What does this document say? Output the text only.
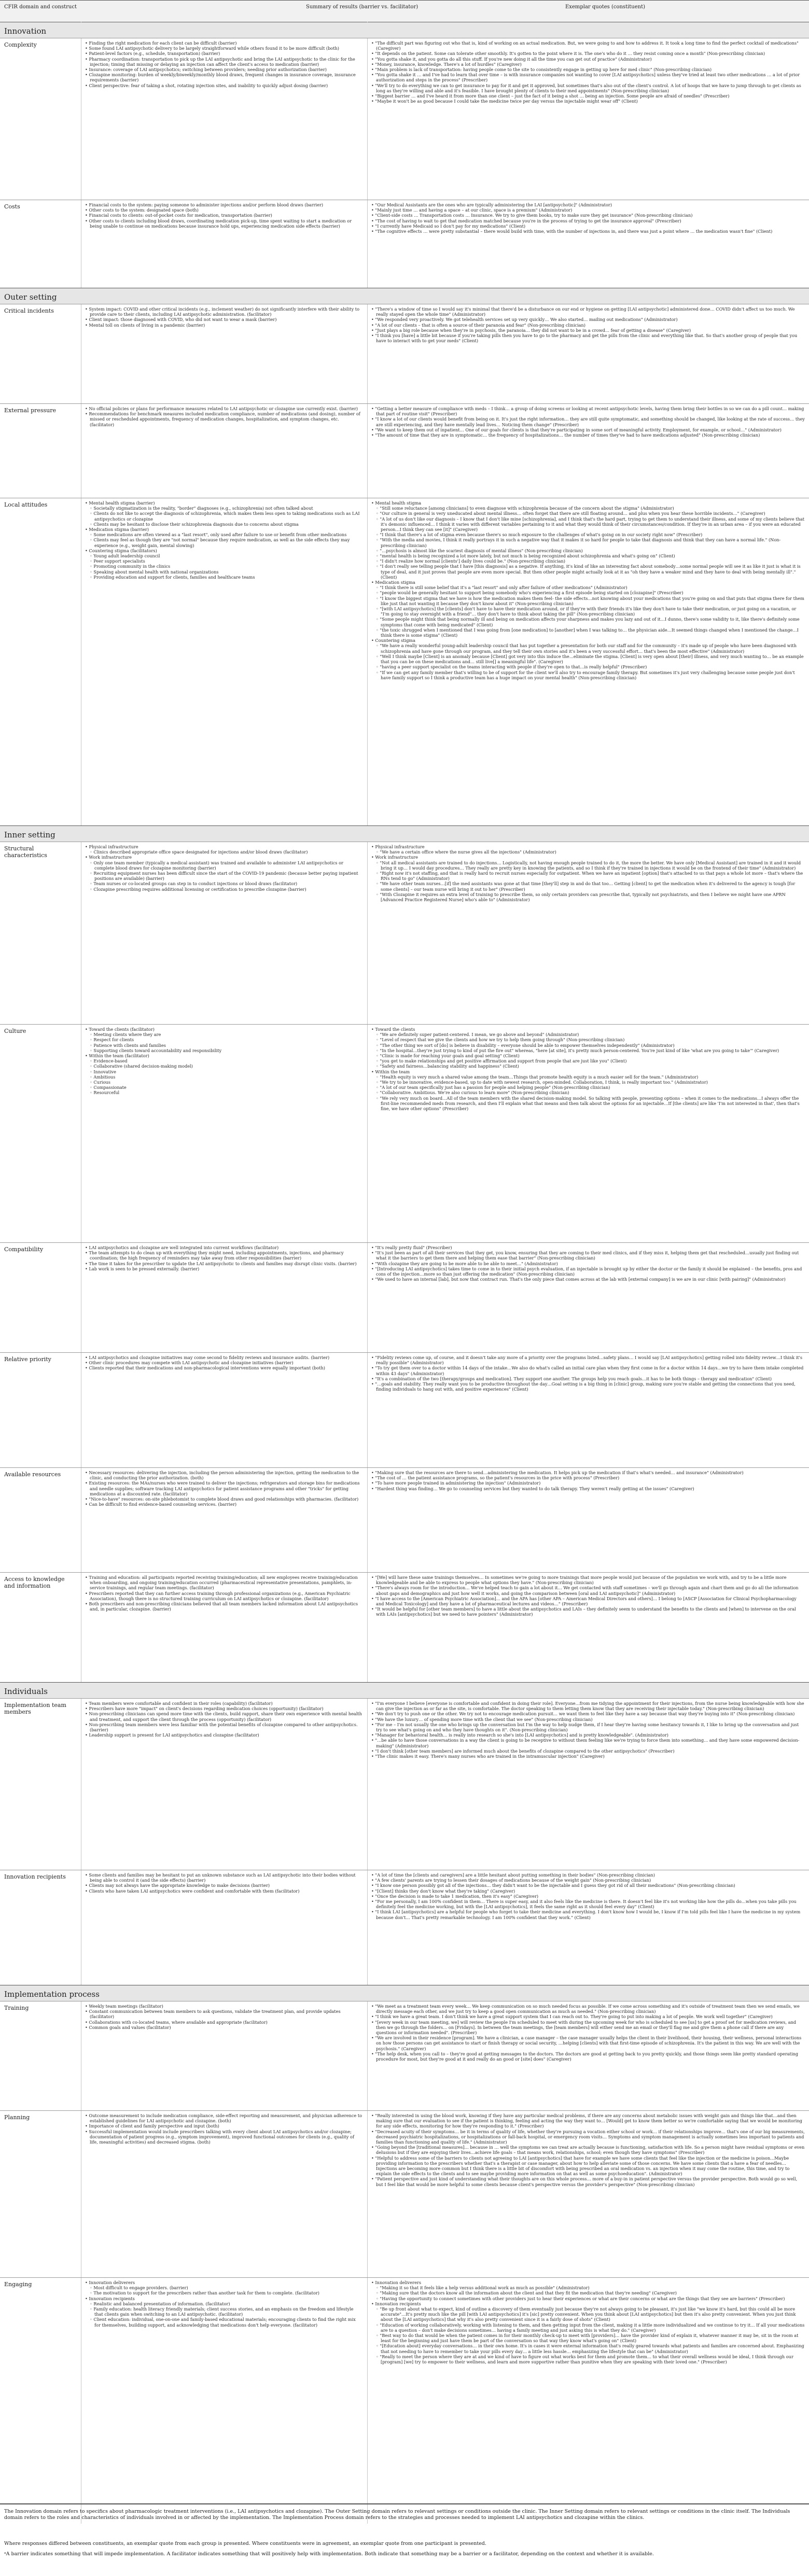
CFIR domain and construct	Summary of results (barrier vs. facilitator)	Exemplar quotes (constituent)
Innovation
Complexity	• Finding the right medication for each client can be difficult (barrier)
• Some found LAI antipsychotic delivery to be largely straightforward while others found it to be more difficult (both)
• Patient-level factors (e.g., schedule, transportation) (barrier)
• Pharmacy coordination: transportation to pick up the LAI antipsychotic and bring the LAI antipsychotic to the clinic for the injection; timing that missing or delaying an injection can affect the client's access to medication (barrier)
• Insurance: coverage of LAI antipsychotics; switching between providers; needing prior authorization (barrier)
• Clozapine monitoring: burden of weekly/biweekly/monthly blood draws, frequent changes in insurance coverage, insurance requirements (barrier)
• Client perspective: fear of taking a shot, rotating injection sites, and inability to quickly adjust dosing (barrier)
• "The difficult part was figuring out who that is, kind of working on an actual medication. But, we were going to and how to address it. It took a long time to find the perfect cocktail of medications" (Caregiver)
• "It depends on the patient. Some can tolerate other smoothly. It's gotten to the point where it is. The one's who do it … they resist coming once a month" (Non-prescribing clinician)
• "You gotta shake it, and you gotta do all this stuff. If you're new doing it all the time you can get out of practice" (Administrator)
• "Money, insurance, knowledge. There's a lot of hurdles" (Caregiver)
• "Main problem is lack of transportation: having people come to the site to consistently engage in getting up here for med clinic" (Non-prescribing clinician)
• "You gotta shake it … and I've had to learn that over time – is with insurance companies not wanting to cover [LAI antipsychotics] unless they've tried at least two other medications … a lot of prior authorization and steps in the process" (Prescriber)
• "We'll try to do everything we can to get insurance to pay for it and get it approved, but sometimes that's also out of the client's control. A lot of hoops that we have to jump through to get clients as long as they're willing and able and it's feasible. I have brought plenty of clients to their med appointments" (Non-prescribing clinician)
• "Biggest barrier … and I've heard it from more than one client – just the fact of it being a shot … being an injection. Some people are afraid of needles" (Prescriber)
• "Maybe it won't be as good because I could take the medicine twice per day versus the injectable might wear off" (Client)
Costs	• Financial costs to the system: paying someone to administer injections and/or perform blood draws (barrier)
• Other costs to the system: designated space (both)
• Financial costs to clients: out-of-pocket costs for medication, transportation (barrier)
• Other costs to clients including blood draws, coordinating medication pick-up, time spent waiting to start a medication or being unable to continue on medications because insurance hold ups, experiencing medication side effects (barrier)
• "Our Medical Assistants are the ones who are typically administering the LAI [antipsychotic]" (Administrator)
• "Mainly just time … and having a space – at our clinic, space is a premium" (Administrator)
• "Client-side costs … Transportation costs … Insurance. We try to give them books, try to make sure they get insurance" (Non-prescribing clinician)
• "The cost of having to wait to get that medication matched because you're in the process of trying to get the insurance approval" (Prescriber)
• "I currently have Medicaid so I don't pay for my medications" (Client)
• "The cognitive effects … were pretty substantial – there would build with time, with the number of injections in, and there was just a point where … the medication wasn't fine" (Client)
Outer setting
Critical incidents	• System impact: COVID and other critical incidents (e.g., inclement weather) do not significantly interfere with their ability to provide care to their clients, including LAI antipsychotic administration. (facilitator)
• Client impact: those diagnosed with COVID, who did not want to wear a mask (barrier)
• Mental toll on clients of living in a pandemic (barrier)
• "There's a window of time so I would say it's minimal that there'd be a disturbance on our end or hygiene on getting [LAI antipsychotic] administered done… COVID didn't affect us too much. We really stayed open the whole time" (Administrator)
• "We responded very proactively. We got telehealth services set up very quickly… We also started… mailing out medications" (Administrator)
• "A lot of our clients – that is often a source of their paranoia and fear" (Non-prescribing clinician)
• "Just plays a big role because when they're in psychosis, the paranoia… they did not want to be in a crowd… fear of getting a disease" (Caregiver)
• "I think you [have] a little bit because if you're taking pills then you have to go to the pharmacy and get the pills from the clinic and everything like that. So that's another group of people that you have to interact with to get your meds" (Client)
External pressure	• No official policies or plans for performance measures related to LAI antipsychotic or clozapine use currently exist. (barrier)
• Recommendations for benchmark measures included medication compliance, number of medications (and dosing), number of missed or rescheduled appointments, frequency of medication changes, hospitalization, and symptom changes, etc. (facilitator)
• "Getting a better measure of compliance with meds – I think… a group of doing screens or looking at recent antipsychotic levels, having them bring their bottles in so we can do a pill count… making that part of routine visit" (Prescriber)
• "I know a lot of our clients would benefit from being on it. It's just the right information… they are still quite symptomatic, and something should be changed, like looking at the rate of success… they are still experiencing, and they have mentally lead lives… Noticing them change" (Prescriber)
• "We want to keep them out of inpatient… One of our goals for clients is that they're participating in some sort of meaningful activity. Employment, for example, or school…" (Administrator)
• "The amount of time that they are in symptomatic… the frequency of hospitalizations… the number of times they've had to have medications adjusted" (Non-prescribing clinician)
Local attitudes	• Mental health stigma (barrier)
◦ Societally stigmatization is the reality, "border" diagnoses (e.g., schizophrenia) not often talked about
◦ Clients do not like to accept the diagnosis of schizophrenia, which makes them less open to taking medications such as LAI antipsychotics or clozapine
◦ Clients may be hesitant to disclose their schizophrenia diagnosis due to concerns about stigma
• Medication stigma (barrier)
◦ Some medications are often viewed as a "last resort", only used after failure to use or benefit from other medications
◦ Clients may feel as though they are "not normal" because they require medication, as well as the side effects they may experience (e.g., weight gain, mental slowing)
• Countering stigma (facilitators)
◦ Young adult leadership council
◦ Peer support specialists
◦ Promoting community in the clinics
◦ Speaking about mental health with national organizations
◦ Providing education and support for clients, families and healthcare teams
• Mental health stigma
◦ "Still some reluctance [among clinicians] to even diagnose with schizophrenia because of the concern about the stigma" (Administrator)
◦ "Our culture in general is very uneducated about mental illness… often forget that there are still floating around… and plus when you hear these horrible incidents…" (Caregiver)
◦ "A lot of us don't like our diagnosis – I know that I don't like mine [schizophrenia], and I think that's the hard part, trying to get them to understand their illness, and some of my clients believe that it's demonic influenced… I think it varies with different variables pertaining to it and what they would think of their circumstances/condition. If they're in an urban area – if you were an educated person…I think they can see [it]" (Caregiver)
◦ "I think that there's a lot of stigma even because there's so much exposure to the challenges of what's going on in our society right now" (Prescriber)
◦ "With the media and movies, I think it really portrays it in such a negative way that it makes it so hard for people to take that diagnosis and think that they can have a normal life." (Non-prescribing clinician)
◦ "…psychosis is almost like the scariest diagnosis of mental illness" (Non-prescribing clinician)
◦ "mental health is being recognized a lot more lately, but not much is being recognized about schizophrenia and what's going on" (Client)
◦ "I didn't realize how normal [clients'] daily lives could be." (Non-prescribing clinician)
◦ "I don't really see telling people that I have [this diagnosis] as a negative. If anything, it's kind of like an interesting fact about somebody…some normal people will see it as like it just is what it is type of deal, and it just proves that people are even more special. But then other people might actually look at it as "oh they have a weaker mind and they have to deal with being mentally ill"." (Client)
• Medication stigma
◦ "I think there is still some belief that it's a "last resort" and only after failure of other medications" (Administrator)
◦ "people would be generally hesitant to support being somebody who's experiencing a first episode being started on [clozapine]" (Prescriber)
◦ "I know the biggest stigma that we have is how the medication makes them feel- the side effects…not knowing about your medications that you're going on and that puts that stigma there for them like just that not wanting it because they don't know about it" (Non-prescribing clinician)
◦ "[with LAI antipsychotics] the [clients] don't have to have their medication around, or if they're with their friends it's like they don't have to take their medication, or just going on a vacation, or "I'm going to stay overnight with a friend"… they don't have to think about taking the pill" (Non-prescribing clinician)
◦ "Some people might think that being normally ill and being on medication affects your sharpness and makes you lazy and out of it…I dunno, there's some validity to it, like there's definitely some symptoms that come with being medicated" (Client)
◦ "the toxic shrugged when I mentioned that I was going from [one medication] to [another] when I was talking to… the physician aide…It seemed things changed when I mentioned the change…I think there is some stigma" (Client)
• Countering stigma
◦ "We have a really wonderful young-adult leadership council that has put together a presentation for both our staff and for the community – it's made up of people who have been diagnosed with schizophrenia and have gone through our program, and they tell their own stories and it's been a very successful effort… that's been the most effective" (Administrator)
◦ "Well I think maybe [Client] is an anomaly because [Client] got very into this induce the…eliminate the stigma. [Client] is very open about [their] illness, and very much wanting to… be an example that you can be on these medications and… still live[] a meaningful life". (Caregiver)
◦ "having a peer support specialist on the teams interacting with people if they're open to that…is really helpful" (Prescriber)
◦ "If we can get any family member that's willing to be of support for the client we'll also try to encourage family therapy. But sometimes it's just very challenging because some people just don't have family support so I think a productive team has a huge impact on your mental health" (Non-prescribing clinician)
Inner setting
Structural characteristics
• Physical infrastructure
◦ Clinics described appropriate office space designated for injections and/or blood draws (facilitator)
• Work infrastructure
◦ Only one team member (typically a medical assistant) was trained and available to administer LAI antipsychotics or complete blood draws for clozapine monitoring (barrier)
◦ Recruiting equipment nurses has been difficult since the start of the COVID-19 pandemic (because better paying inpatient positions are available) (barrier)
◦ Team nurses or co-located groups can step in to conduct injections or blood draws (facilitator)
◦ Clozapine prescribing requires additional licensing or certification to prescribe clozapine (barrier)
• Physical infrastructure
◦ "We have a certain office where the nurse gives all the injections" (Administrator)
• Work infrastructure
◦ "Not all medical assistants are trained to do injections… Logistically, not having enough people trained to do it, the more the better. We have only [Medical Assistant] are trained in it and it would bring it up… I would day procedures… They really are pretty key in knowing the patients, and so I think if they're trained in injections it would be on the frontend of their time" (Administrator)
◦ "Right now it's not staffing, and that is really hard to recruit nurses especially for outpatient. When we have an inpatient [option] that's attached to us that pays a whole lot more – that's where the RNs tend to go" (Administrator)
◦ "We have other team nurses…[if] the med assistants was gone at that time [they'll] step in and do that too… Getting [client] to get the medication when it's delivered to the agency is tough [for some clients] – our team nurse will bring it out to her" (Prescriber)
◦ "With Clozapine it requires an extra level of training to prescribe them, so only certain providers can prescribe that, typically not psychiatrists, and then I believe we might have one APRN [Advanced Practice Registered Nurse] who's able to" (Administrator)
Culture	• Toward the clients (facilitator)
◦ Meeting clients where they are
◦ Respect for clients
◦ Patience with clients and families
◦ Supporting clients toward accountability and responsibility
• Within the team (facilitator)
◦ Evidence-based
◦ Collaborative (shared decision-making model)
◦ Innovative
◦ Ambitious
◦ Curious
◦ Compassionate
◦ Resourceful
• Toward the clients
◦ "We are definitely super patient-centered. I mean, we go above and beyond" (Administrator)
◦ "Level of respect that we give the clients and how we try to help them going through" (Non-prescribing clinician)
◦ "The other thing we sort of [do] is believe in disability – everyone should be able to empower themselves independently" (Administrator)
◦ "In the hospital…they're just trying to kind of put the fire out" whereas, "here [at site], it's pretty much person-centered. You're just kind of like 'what are you going to take'" (Caregiver)
◦ "Clinic is made for reaching your goals and goal setting" (Client)
◦ "you get to make relationships and get positive affirmation and support from people that are just like you" (Client)
◦ "Safety and fairness…balancing stability and happiness" (Client)
• Within the team
◦ "Health equity is very much a shared value among the team…Things that promote health equity is a much easier sell for the team." (Administrator)
◦ "We try to be innovative, evidence-based, up to date with newest research, open-minded. Collaboration, I think, is really important too." (Administrator)
◦ "A lot of our team specifically just has a passion for people and helping people" (Non-prescribing clinician)
◦ "Collaborative. Ambitious. We're also curious to learn more" (Non-prescribing clinician)
◦ "We rely very much on board…All of the team members with the shared decision-making model. So talking with people, presenting options – when it comes to the medications…I always offer the first-line recommended meds from research, and then I'll explain what that means and then talk about the options for an injectable…If [the clients] are like 'I'm not interested in that', then that's fine, we have other options" (Prescriber)
Compatibility	• LAI antipsychotics and clozapine are well integrated into current workflows (facilitator)
• The team attempts to do clean up with everything they might need, including appointments, injections, and pharmacy coordination; the high frequency of reminders may take away from other responsibilities (barrier)
• The time it takes for the prescriber to update the LAI antipsychotic to clients and families may disrupt clinic visits. (barrier)
• Lab work is seen to be pressed externally. (barrier)
• "It's really pretty fluid" (Prescriber)
• "It's just been as part of all their services that they get, you know, ensuring that they are coming to their med clinics, and if they miss it, helping them get that rescheduled…usually just finding out what it the barriers to get them there and helping them ease that barrier" (Non-prescribing clinician)
• "With clozapine they are going to be more able to be able to meet…" (Administrator)
• "[Introducing LAI antipsychotics] takes time to come in to their initial psych evaluation, if an injectable is brought up by either the doctor or the family it should be explained – the benefits, pros and cons of the injection…more so than just offering the medication" (Non-prescribing clinician)
• "We used to have an internal [lab], but now that contract run. That's the only piece that comes across at the lab with [external company] is we are in our clinic [with pairing]" (Administrator)
Relative priority	• LAI antipsychotics and clozapine initiatives may come second to fidelity reviews and insurance audits. (barrier)
• Other clinic procedures may compete with LAI antipsychotic and clozapine initiatives (barrier)
• Clients reported that their medications and non-pharmacological interventions were equally important (both)
• "Fidelity reviews come up, of course, and it doesn't take any more of a priority over the programs listed…safety plans… I would say [LAI antipsychotics] getting rolled into fidelity review…I think it's really possible" (Administrator)
• "To try get them over to a doctor within 14 days of the intake…We also do what's called an initial care plan when they first come in for a doctor within 14 days…we try to have them intake completed within 43 days" (Administrator)
• "It's a combination of the two [therapy/groups and medication]. They support one another. The groups help you reach goals…it has to be both things – therapy and medication" (Client)
• "…goals and stability. They really want you to be productive throughout the day…Goal setting is a big thing in [clinic] group, making sure you're stable and getting the connections that you need, finding individuals to hang out with, and positive experiences" (Client)
Available resources	• Necessary resources: delivering the injection, including the person administering the injection, getting the medication to the clinic, and conducting the prior authorization. (both)
• Existing resources: the MAs/nurses who were trained to deliver the injections; refrigerators and storage bins for medications and needle supplies; software tracking LAI antipsychotics for patient assistance programs and other "tricks" for getting medications at a discounted rate. (facilitator)
• "Nice-to-have" resources: on-site phlebotomist to complete blood draws and good relationships with pharmacies. (facilitator)
• Can be difficult to find evidence-based counseling services. (barrier)
• "Making sure that the resources are there to send…administering the medication. It helps pick up the medication if that's what's needed… and insurance" (Administrator)
• "The cost of … the patient assistance programs, so the patient's resources in the price with process" (Prescriber)
• "To have more people trained in administering the injection" (Administrator)
• "Hardest thing was finding… We go to counseling services but they wanted to do talk therapy. They weren't really getting at the issues" (Caregiver)
Access to knowledge and information
• Training and education: all participants reported receiving training/education; all new employees receive training/education when onboarding, and ongoing training/education occurred (pharmaceutical representative presentations, pamphlets, in-service trainings, and regular team meetings. (facilitator)
• Prescribers reported that they can further access training through professional organizations (e.g., American Psychiatric Association), though there is no structured training curriculum on LAI antipsychotics or clozapine. (facilitator)
• Both prescribers and non-prescribing clinicians believed that all team members lacked information about LAI antipsychotics and, in particular, clozapine. (barrier)
• "[We] will have these same trainings themselves… In sometimes we're going to more trainings that more people would just because of the population we work with, and try to be a little more knowledgeable and be able to express to people what options they have." (Non-prescribing clinician)
• "There's always room for the introduction… We've helped teach to gain a lot about it… We get contacted with staff sometimes – we'll go through again and chart them and go do all the information about gaps and demographics and just how well it works, and going the comparison between [oral and LAI antipsychotic]" (Administrator)
• "I have access to the [American Psychiatric Association]… and the APA has [other APA – American Medical Directors and others]… I belong to [ASCP [Association for Clinical Psychopharmacology and Medical Toxicology] and they have a lot of pharmaceutical lectures and videos…" (Prescriber)
• "It would be helpful for [other team members] to have a little about the antipsychotics and LAIs – they definitely seem to understand the benefits to the clients and [when] to intervene on the oral with LAIs [antipsychotics] but we need to have pointers" (Administrator)
Individuals
Implementation team members
• Team members were comfortable and confident in their roles (capability) (facilitator)
• Prescribers have more "impact" on client's decisions regarding medication choices (opportunity) (facilitator)
• Non-prescribing clinicians can spend more time with the clients, build rapport, share their own experience with mental health and treatment, and support the client through the process (opportunity) (facilitator)
• Non-prescribing team members were less familiar with the potential benefits of clozapine compared to other antipsychotics. (barrier)
• Leadership support is present for LAI antipsychotics and clozapine (facilitator)
• "I'm everyone I believe [everyone is comfortable and confident in doing their role]. Everyone…from me tidying the appointment for their injections, from the nurse being knowledgeable with how she can give the injection as or far as the site, is comfortable. The doctor speaking to them letting them know that they are receiving their injectable today." (Non-prescribing clinician)
• "We don't try to push one or the other. We try not to encourage medication pursuit… we want them to feel like they have a say because that way they're buying into it" (Non-prescribing clinician)
• "We have the luxury… of spending more time with the client that we see" (Non-prescribing clinician)
• "For me – I'm not usually the one who brings up the conversation but I'm the way to help nudge them, if I hear they're having some hesitancy towards it, I like to bring up the conversation and just try to see what's going on and who they have thoughts on it". (Non-prescribing clinician)
• "Manager for behavioral health… is really into research so she's into [LAI antipsychotics] and is pretty knowledgeable". (Administrator)
• "…be able to have those conversations in a way the client is going to be receptive to without them feeling like we're trying to force them into something… and they have some empowered decision-making" (Administrator)
• "I don't think [other team members] are informed much about the benefits of clozapine compared to the other antipsychotics" (Prescriber)
• "The clinic makes it easy. There's many nurses who are trained in the intramuscular injection" (Caregiver)
Innovation recipients	• Some clients and families may be hesitant to put an unknown substance such as LAI antipsychotic into their bodies without being able to control it (and the side effects) (barrier)
• Clients may not always have the appropriate knowledge to make decisions (barrier)
• Clients who have taken LAI antipsychotics were confident and comfortable with them (facilitator)
• "A lot of time the [clients and caregivers] are a little hesitant about putting something in their bodies" (Non-prescribing clinician)
• "A few clients' parents are trying to lessen their dosages of medications because of the weight gain" (Non-prescribing clinician)
• "I know one person possibly got all of the injections… they didn't want to be the injectable and I guess they got rid of all their medications" (Non-prescribing clinician)
• "[Client] thinks they don't know what they're taking" (Caregiver)
• "Once the decision is made to take 1 medication, then it's easy" (Caregiver)
• "For me personally, I am 100% confident in them… There is super easy, and it also feels like the medicine is there. It doesn't feel like it's not working like how the pills do…when you take pills you definitely feel the medicine working, but with the [LAI antipsychotics], it feels the same right as it should feel every day" (Client)
• "I think LAI [antipsychotics] are a helpful for people who forget to take their medicine and everything. I don't know how I would be, I know if I'm told pills feel like I have the medicine in my system because don't… That's pretty remarkable technology. I am 100% confident that they work." (Client)
Implementation process
Training	• Weekly team meetings (facilitator)
• Constant communication between team members to ask questions, validate the treatment plan, and provide updates (facilitator)
• Collaborations with co-located teams, where available and appropriate (facilitator)
• Common goals and values (facilitator)
• "We meet as a treatment team every week… We keep communication on so much needed focus as possible. If we come across something and it's outside of treatment team then we send emails, we directly message each other, and we just try to keep a good open communication as much as needed." (Non-prescribing clinician)
• "I think we have a great team. I don't think we have a great support system that I can reach out to. They're going to put into making a lot of people. We work well together" (Caregiver)
• "[every week in our team meeting, we] will review the people I'm scheduled to meet with during the upcoming week for who is scheduled to see [us] to get a proof set for medication reviews, and then we go through the folders… on [Fridays]. In between the team meetings, the [team members] will either send me an email or they'll flag me and give them a phone call if there are any questions or information needed". (Prescriber)
• "We are involved in their residence [program]. We have a clinician, a case manager – the case manager usually helps the client in their livelihood, their housing, their wellness, personal interactions on how those persons can get assistance to start or finish therapy or social security, …helping [clients] with that first-time episode of schizophrenia. It's the patient in this way. We are well with the psychosis." (Caregiver)
• "The help desk, when you call to – they're good at getting messages to the doctors. The doctors are good at getting back to you pretty quickly, and those things seem like pretty standard operating procedure for most, but they're good at it and really do an good or [site] does" (Caregiver)
Planning	• Outcome measurement to include medication compliance, side-effect reporting and measurement, and physician adherence to established guidelines for LAI antipsychotic and clozapine. (both)
• Importance of client and family perspective and input (both)
• Successful implementation would include prescribers talking with every client about LAI antipsychotics and/or clozapine; documentation of patient progress (e.g., symptom improvement), improved functional outcomes for clients (e.g., quality of life, meaningful activities) and decreased stigma. (both)
• "Really interested in using the blood work, knowing if they have any particular medical problems, if there are any concerns about metabolic issues with weight gain and things like that…and then making sure that our evaluation to see if the patient is thinking, feeling and acting the way they want to… [Would] get to know them better so we're comfortable saying that we would be monitoring for any side effects, monitoring for how they're responding to it." (Prescriber)
• "Decreased acuity of their symptoms… be it in terms of quality of life, whether they're pursuing a vocation either school or work… if their relationships improve… that's one of our big measurements, decreased psychiatric hospitalizations, or hospitalizations or fall-back hospital, or emergency room visits… Symptoms and symptom management is actually sometimes less important to patients and families than functioning and quality of life." (Administrator)
• "Going beyond the [traditional measures]… because in … well the symptoms we can treat are actually because is functioning, satisfaction with life. So a person might have residual symptoms or even delusions but if they are enjoying their lives…achieve life goals – that means work, relationships, school; even though they have symptoms" (Prescriber)
• "Helpful to address some of the barriers to clients not agreeing to LAI [antipsychotics] that have for example we have some clients that feel like the injection or the medicine is poison…Maybe providing information to the prescribers whether that's a therapist or case manager, about how to help alleviate some of those concerns. We have some clients that a have a fear of needles…Injections are becoming more common but I think there is a little bit of discomfort with being prescribed an oral medication vs. an injection when it may come the routine, this time, and try to explain the side effects to the clients and to see maybe providing more information on that as well as some psychoeducation". (Administrator)
• "Patient perspective and just kind of understanding what their thoughts are on this whole process… more of a buy-in in patient perspective versus the provider perspective. Both would go so well, but I feel like that would be more helpful to some clients because client's perspective versus the provider's perspective" (Non-prescribing clinician)
Engaging	• Innovation deliverers
◦ Most difficult to engage providers. (barrier)
◦ The motivation to support for the prescribers rather than another task for them to complete. (facilitator)
• Innovation recipients
◦ Realistic and balanced presentation of information. (facilitator)
◦ Family education: health literacy friendly materials; client success stories, and an emphasis on the freedom and lifestyle that clients gain when switching to an LAI antipsychotic. (facilitator)
◦ Client education: individual, one-on-one and family-based educational materials; encouraging clients to find the right mix for themselves, building support, and acknowledging that medications don't help everyone. (facilitator)
• Innovation deliverers
◦ "Making it so that it feels like a help versus additional work as much as possible" (Administrator)
◦ "Making sure that the doctors know all the information about the client and that they fit the medication that they're needing" (Caregiver)
◦ "Having the opportunity to connect sometimes with other providers just to hear their experiences or what are their concerns or what are the things that they see are barriers" (Prescriber)
• Innovation recipients
◦ "Be up front about what to expect, kind of outline a discovery of them eventually just because they're not always going to be pleasant, it's just like "we know it's hard, but this could all be more accurate"…It's pretty much like the pill [with LAI antipsychotics] it's [sic] pretty convenient. When you think about [LAI antipsychotics] but then it's also pretty convenient. When you just think about the [LAI antipsychotics] that why it's also pretty convenient since it is a fairly dose of shots" (Client)
◦ "Education of working collaboratively, working with listening to them, and then getting input from the client, making it a little more individualized and we continue to try it… If all your medications are to a question – don't make decisions sometimes… having a family meeting and just asking this is what they do." (Caregiver)
◦ "Best way to do that would be when the patient comes in for their monthly check-up to meet with [providers]… have the provider kind of explain it, whatever manner it may be, sit in the room at least for the beginning and just have them be part of the conversation so that way they know what's going on" (Client)
◦ "[Education about] everyday conversations… in their own home. It's in cases it were external information that's really geared towards what patients and families are concerned about. Emphasizing that not needing to have to remember to take your pills every day… a little less hassle… emphasizing the lifestyle that can be" (Administrator)
◦ "Really to meet the person where they are at and we kind of have to figure out what works best for them and promote them… to what their overall wellness would be ideal, I think through our [program] [we] try to empower to their wellness, and learn and more supportive rather than punitive when they are speaking with their loved one." (Prescriber)
The Innovation domain refers to specifics about pharmacologic treatment interventions (i.e., LAI antipsychotics and clozapine). The Outer Setting domain refers to relevant settings or conditions outside the clinic. The Inner Setting domain refers to relevant settings or conditions in the clinic itself. The Individuals domain refers to the roles and characteristics of individuals involved in or affected by the implementation. The Implementation Process domain refers to the strategies and processes needed to implement LAI antipsychotics and clozapine within the clinics.
Where responses differed between constituents, an exemplar quote from each group is presented. Where constituents were in agreement, an exemplar quote from one participant is presented.
ᵃA barrier indicates something that will impede implementation. A facilitator indicates something that will positively help with implementation. Both indicate that something may be a barrier or a facilitator, depending on the context and whether it is available.
